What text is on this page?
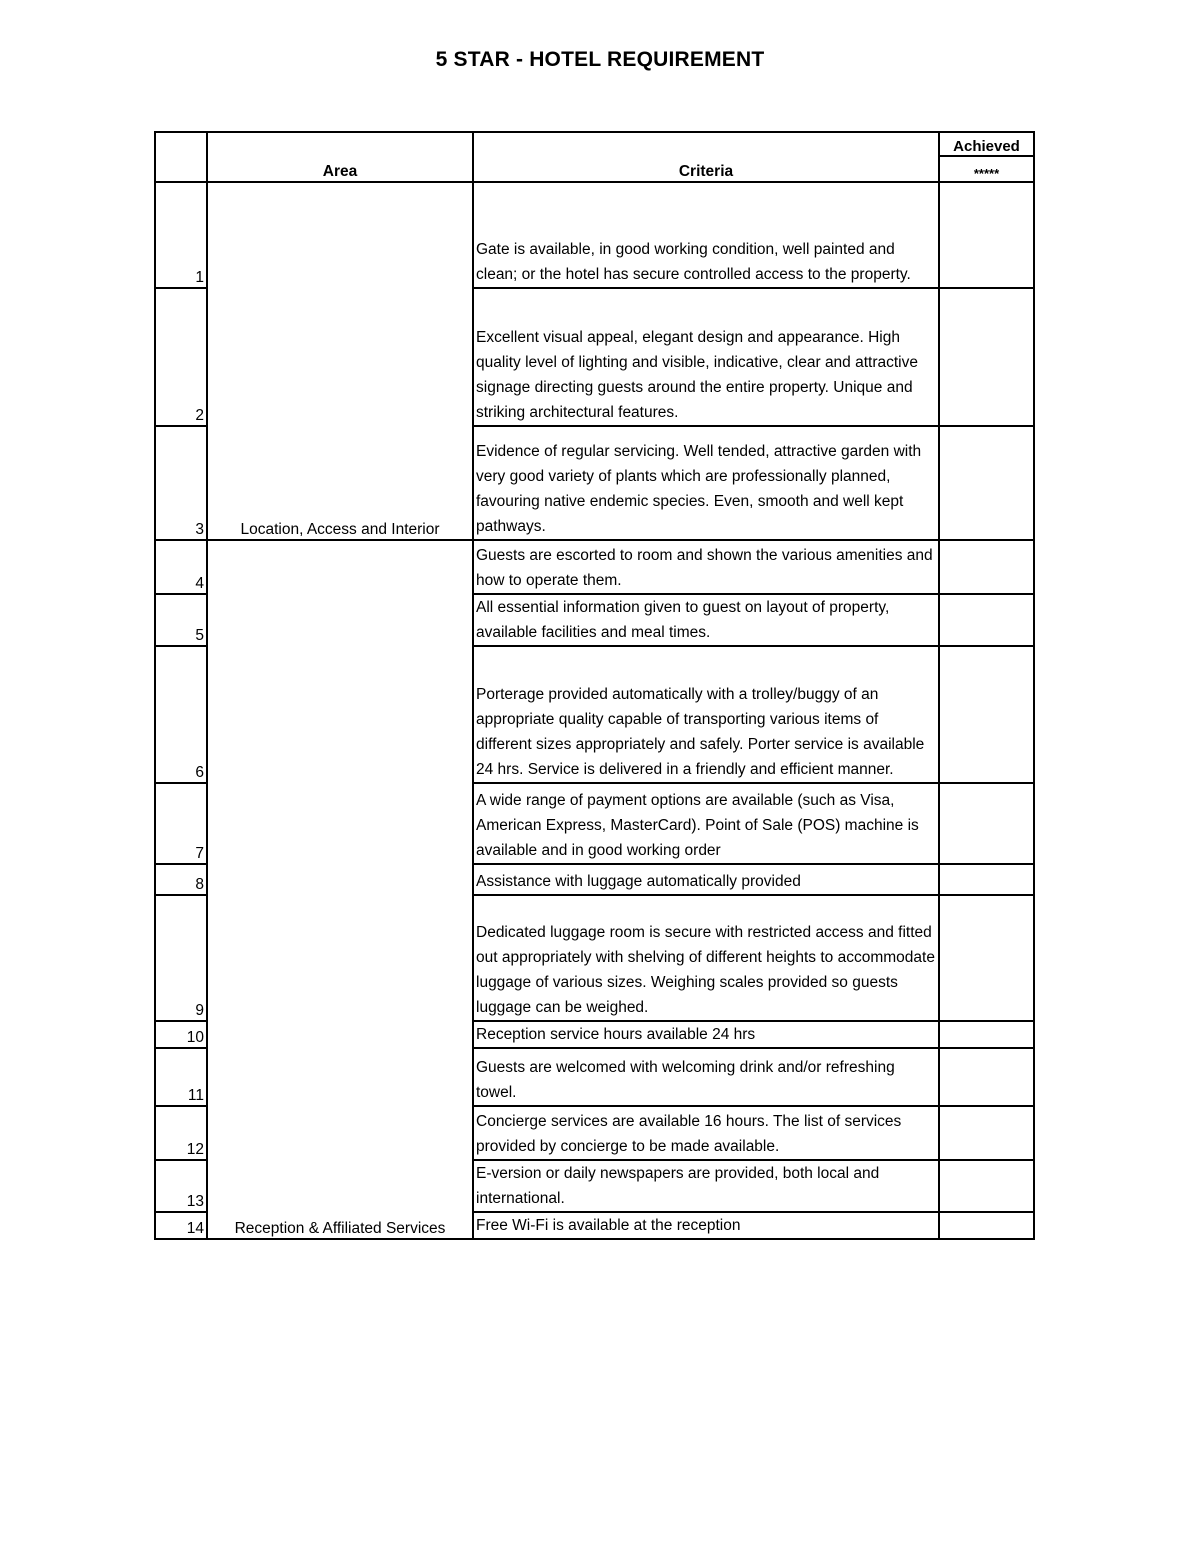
5 STAR - HOTEL REQUIREMENT
	Area	Criteria	Achieved
			*****
1	Location, Access and Interior	Gate is available, in good working condition, well painted and clean; or the hotel has secure controlled access to the property.	
2		Excellent visual appeal, elegant design and appearance. High quality level of lighting and visible, indicative, clear and attractive signage directing guests around the entire property. Unique and striking architectural features.	
3		Evidence of regular servicing. Well tended, attractive garden with very good variety of plants which are professionally planned, favouring native endemic species. Even, smooth and well kept pathways.	
4	Reception & Affiliated Services	Guests are escorted to room and shown the various amenities and how to operate them.	
5		All essential information given to guest on layout of property, available facilities and meal times.	
6		Porterage provided automatically with a trolley/buggy of an appropriate quality capable of transporting various items of different sizes appropriately and safely. Porter service is available 24 hrs. Service is delivered in a friendly and efficient manner.	
7		A wide range of payment options are available (such as Visa, American Express, MasterCard). Point of Sale (POS) machine is available and in good working order	
8		Assistance with luggage automatically provided	
9		Dedicated luggage room is secure with restricted access and fitted out appropriately with shelving of different heights to accommodate luggage of various sizes. Weighing scales provided so guests luggage can be weighed.	
10		Reception service hours available 24 hrs	
11		Guests are welcomed with welcoming drink and/or refreshing towel.	
12		Concierge services are available 16 hours. The list of services provided by concierge to be made available.	
13		E-version or daily newspapers are provided, both local and international.	
14		Free Wi-Fi is available at the reception	
